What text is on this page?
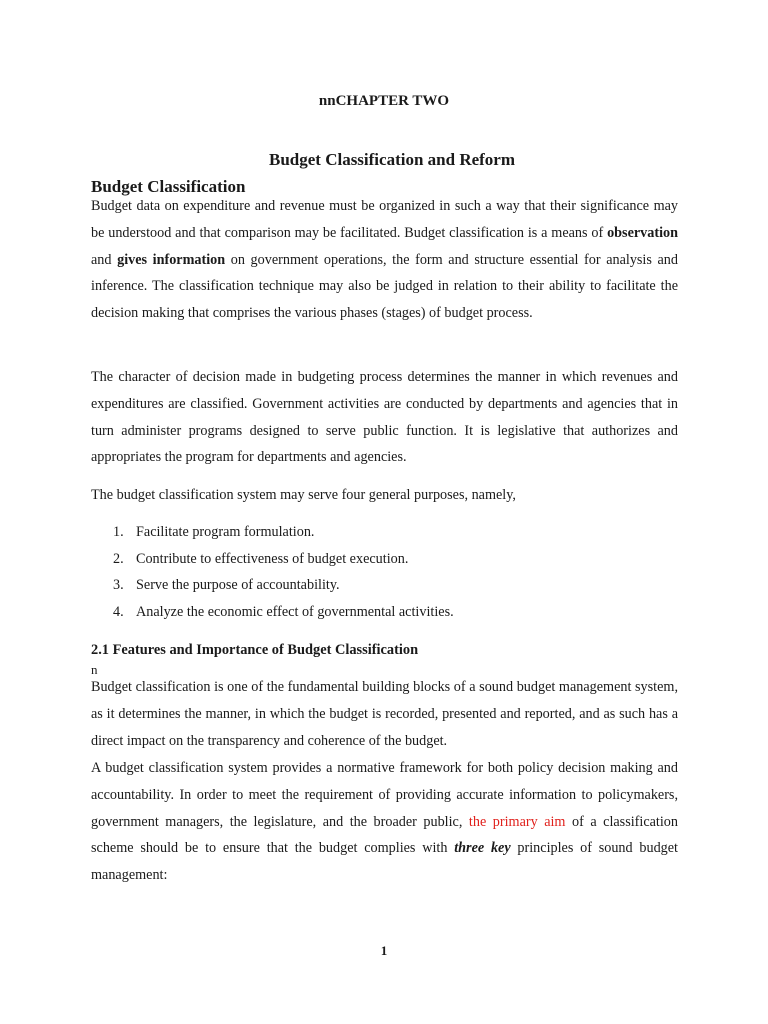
nnCHAPTER TWO
Budget Classification and Reform
Budget Classification

Budget data on expenditure and revenue must be organized in such a way that their significance may be understood and that comparison may be facilitated. Budget classification is a means of observation and gives information on government operations, the form and structure essential for analysis and inference. The classification technique may also be judged in relation to their ability to facilitate the decision making that comprises the various phases (stages) of budget process.

The character of decision made in budgeting process determines the manner in which revenues and expenditures are classified. Government activities are conducted by departments and agencies that in turn administer programs designed to serve public function. It is legislative that authorizes and appropriates the program for departments and agencies.

The budget classification system may serve four general purposes, namely,

1. Facilitate program formulation.
2. Contribute to effectiveness of budget execution.
3. Serve the purpose of accountability.
4. Analyze the economic effect of governmental activities.
2.1 Features and Importance of Budget Classification
n

Budget classification is one of the fundamental building blocks of a sound budget management system, as it determines the manner, in which the budget is recorded, presented and reported, and as such has a direct impact on the transparency and coherence of the budget.

A budget classification system provides a normative framework for both policy decision making and accountability. In order to meet the requirement of providing accurate information to policymakers, government managers, the legislature, and the broader public, the primary aim of a classification scheme should be to ensure that the budget complies with three key principles of sound budget management:

1
